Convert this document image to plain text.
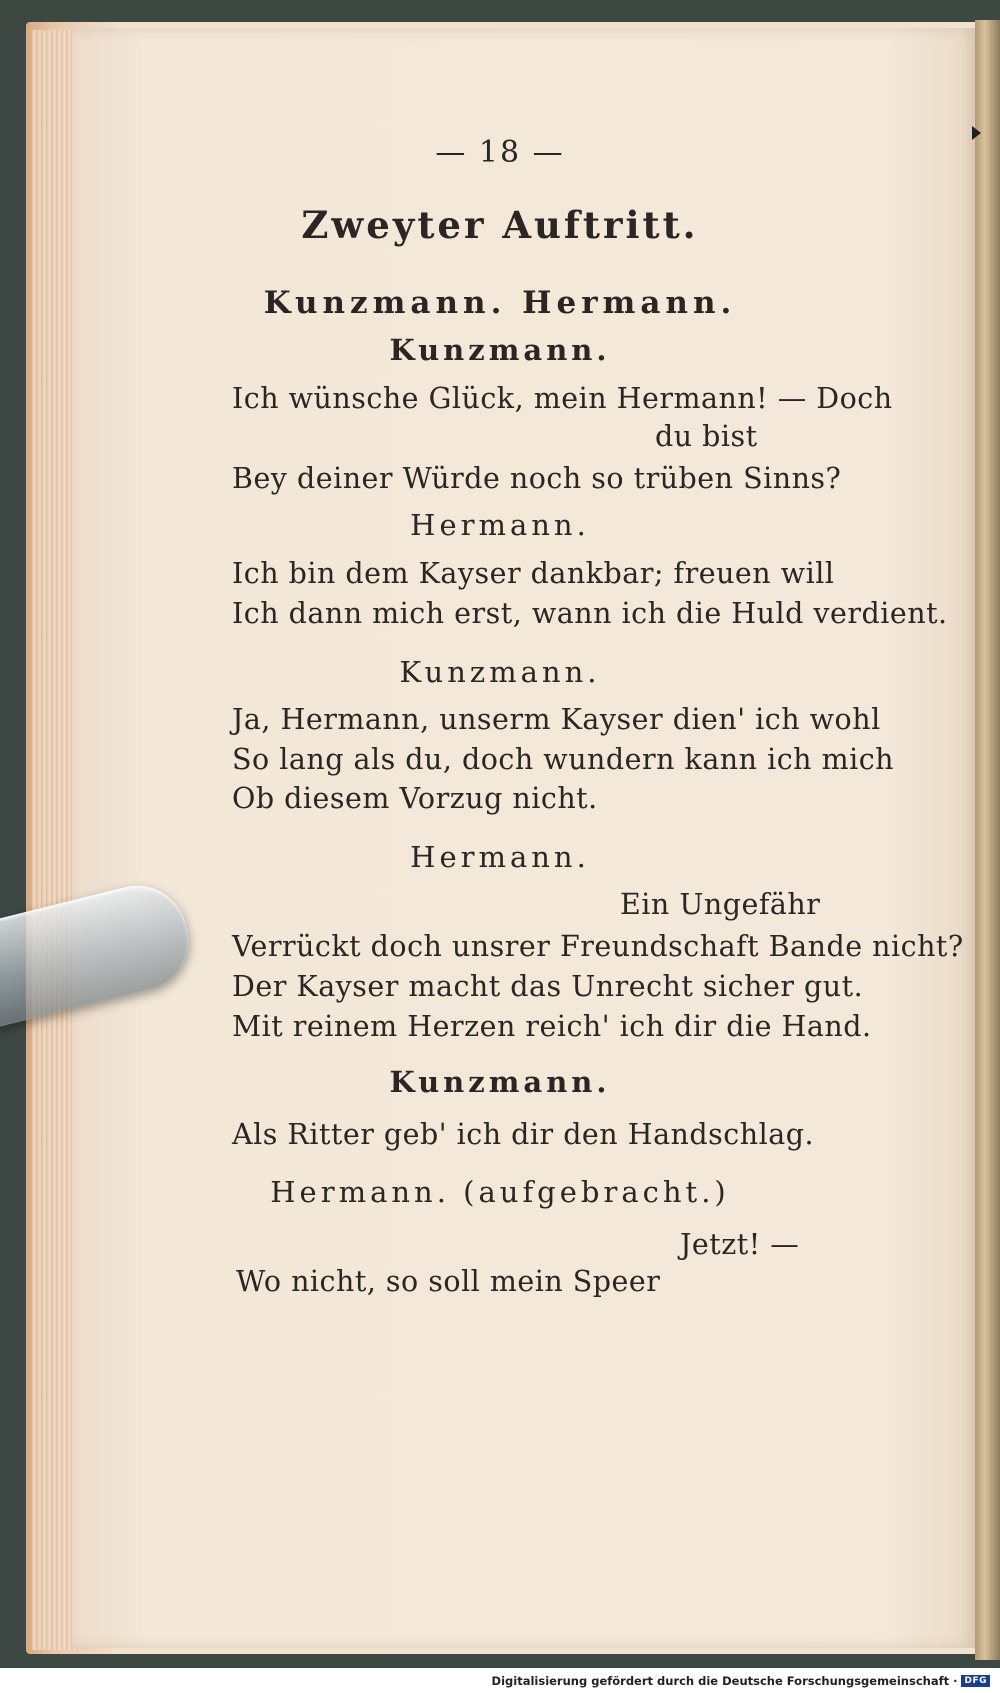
— 18 —
Zweyter Auftritt.
Kunzmann. Hermann.
Kunzmann.
Ich wünsche Glück, mein Hermann! — Doch
du bist
Bey deiner Würde noch so trüben Sinns?
Hermann.
Ich bin dem Kayser dankbar; freuen will
Ich dann mich erst, wann ich die Huld verdient.
Kunzmann.
Ja, Hermann, unserm Kayser dien' ich wohl
So lang als du, doch wundern kann ich mich
Ob diesem Vorzug nicht.
Hermann.
Ein Ungefähr
Verrückt doch unsrer Freundschaft Bande nicht?
Der Kayser macht das Unrecht sicher gut.
Mit reinem Herzen reich' ich dir die Hand.
Kunzmann.
Als Ritter geb' ich dir den Handschlag.
Hermann. (aufgebracht.)
Jetzt! —
Wo nicht, so soll mein Speer
Digitalisierung gefördert durch die Deutsche Forschungsgemeinschaft · DFG
